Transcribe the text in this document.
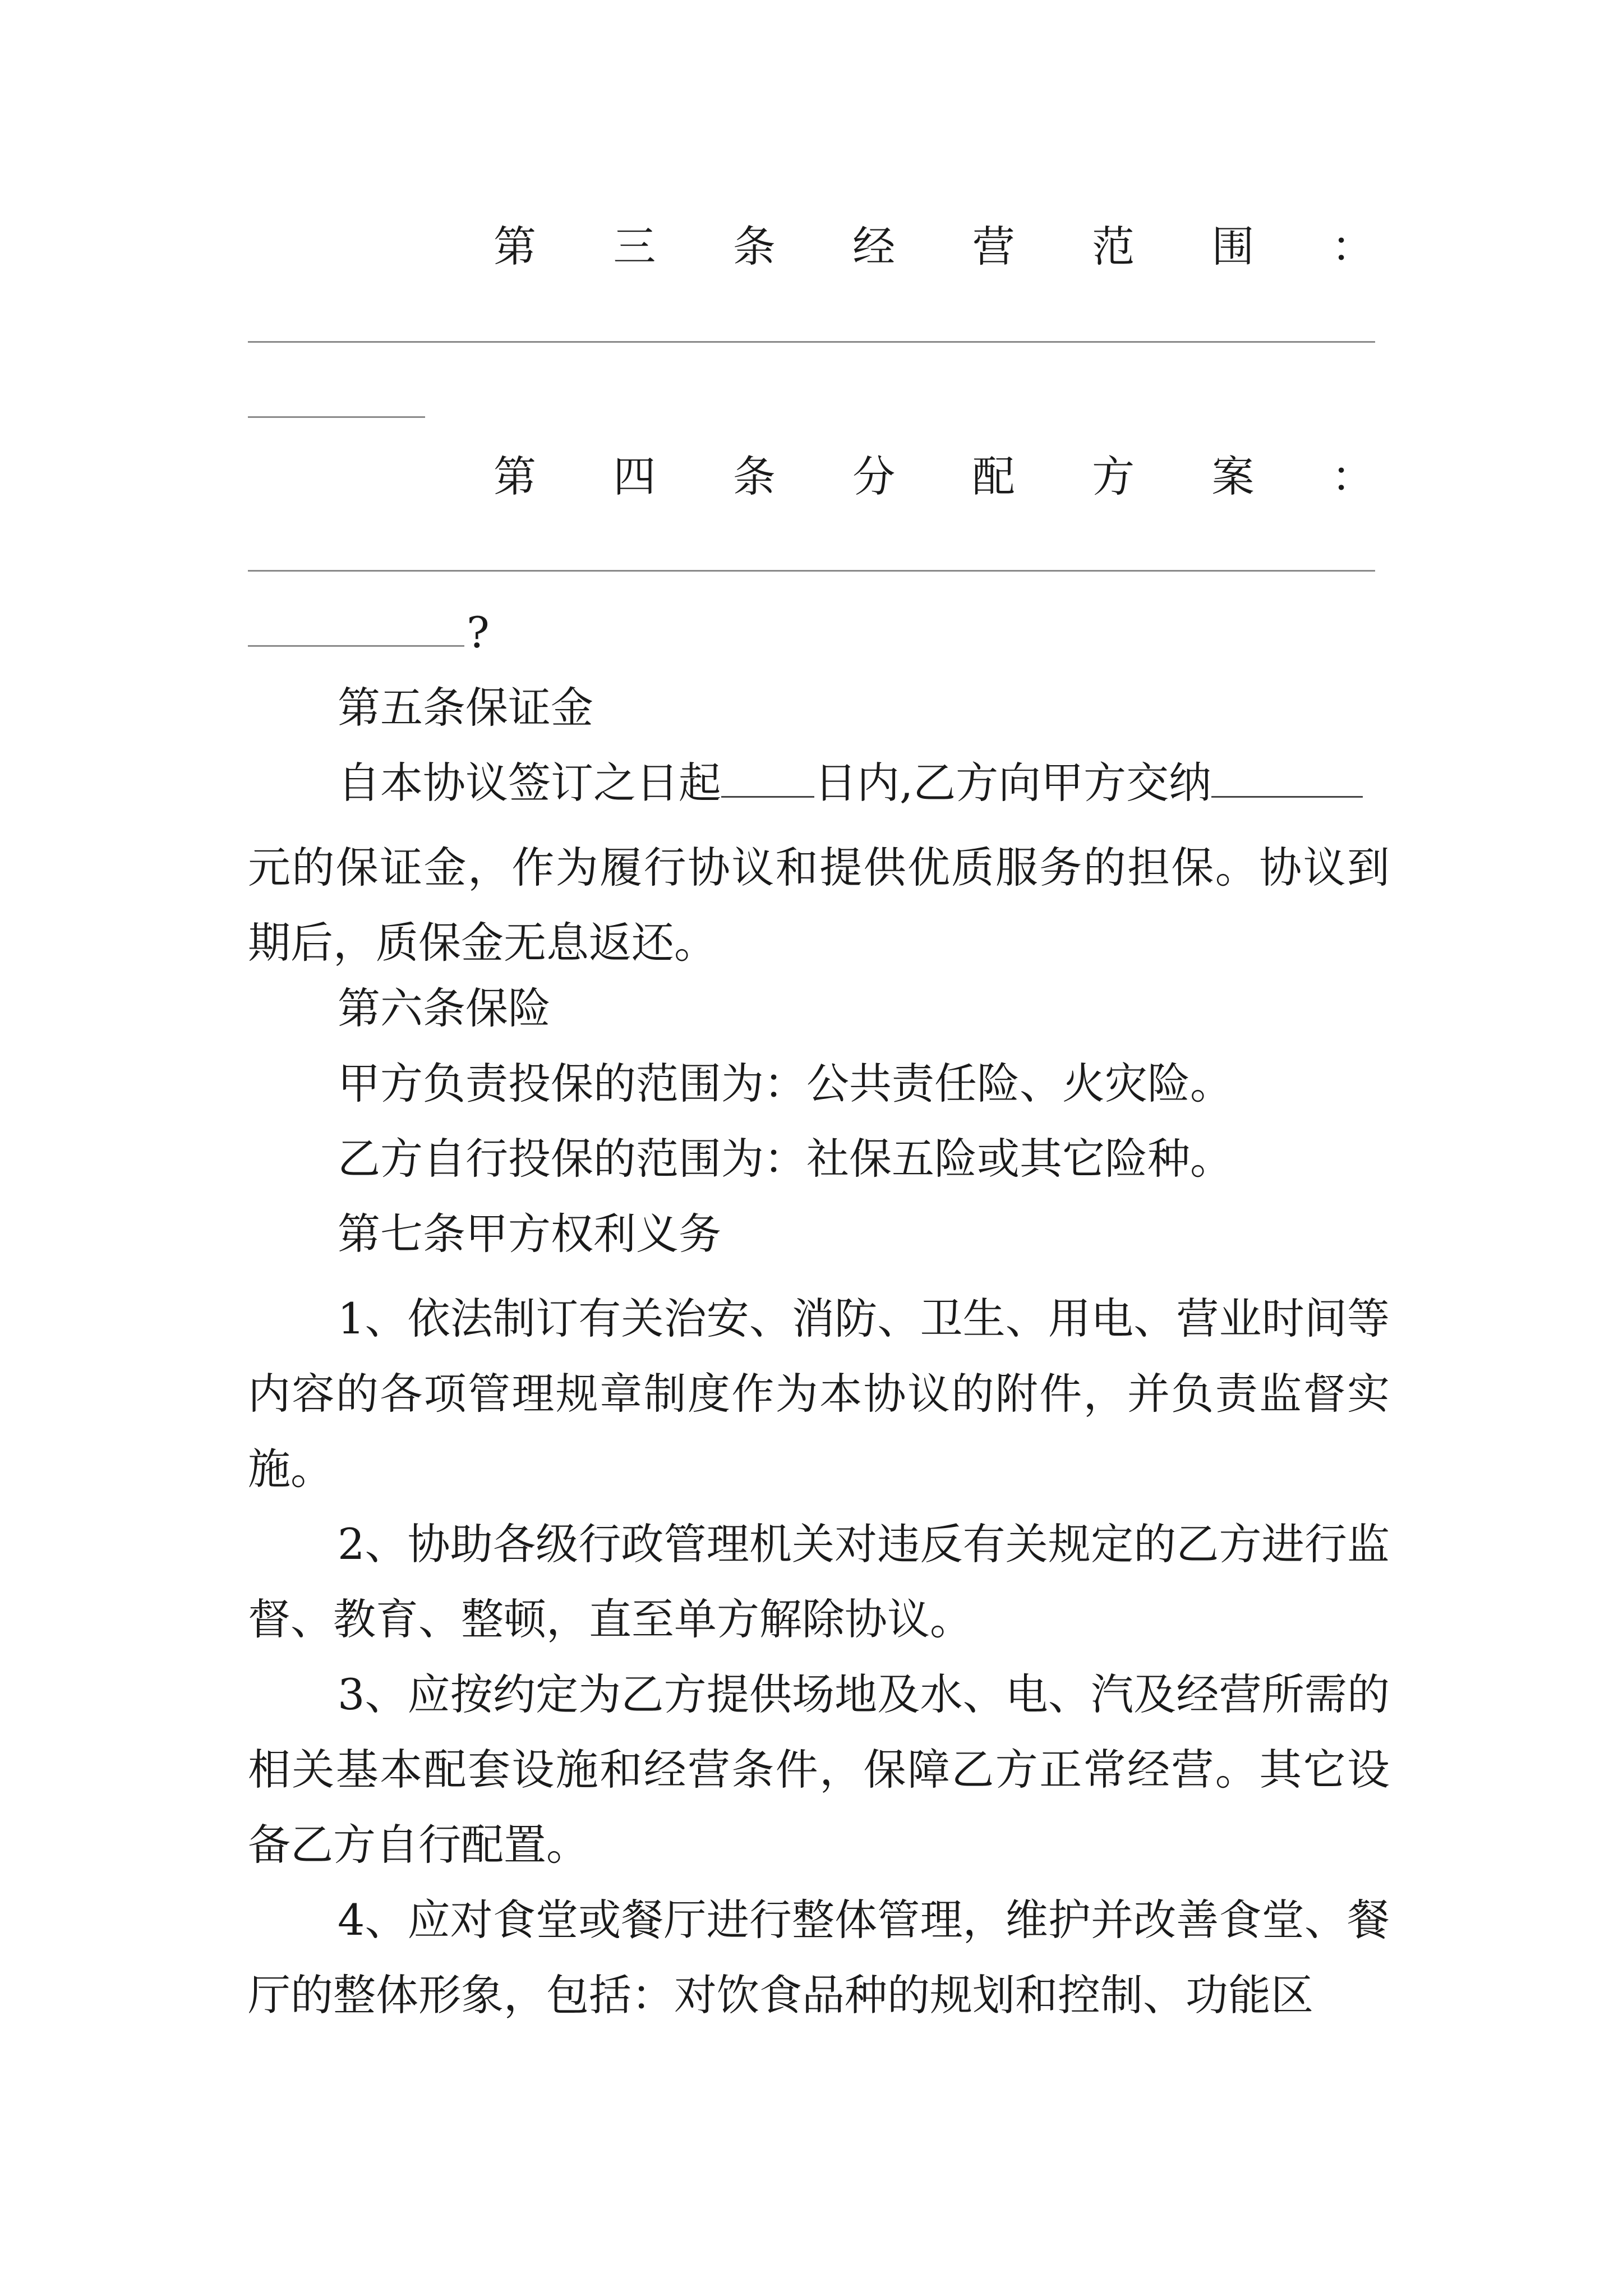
第 三 条 经 营 范 围 ：
第 四 条 分 配 方 案 ：
?
第五条保证金
自本协议签订之日起 日内,乙方向甲方交纳
元的保证金，作为履行协议和提供优质服务的担保。协议到期后，质保金无息返还。
第六条保险
甲方负责投保的范围为：公共责任险、火灾险。
乙方自行投保的范围为：社保五险或其它险种。
第七条甲方权利义务
1、依法制订有关治安、消防、卫生、用电、营业时间等内容的各项管理规章制度作为本协议的附件，并负责监督实施。
2、协助各级行政管理机关对违反有关规定的乙方进行监督、教育、整顿，直至单方解除协议。
3、应按约定为乙方提供场地及水、电、汽及经营所需的相关基本配套设施和经营条件，保障乙方正常经营。其它设备乙方自行配置。
4、应对食堂或餐厅进行整体管理，维护并改善食堂、餐厅的整体形象，包括：对饮食品种的规划和控制、功能区
